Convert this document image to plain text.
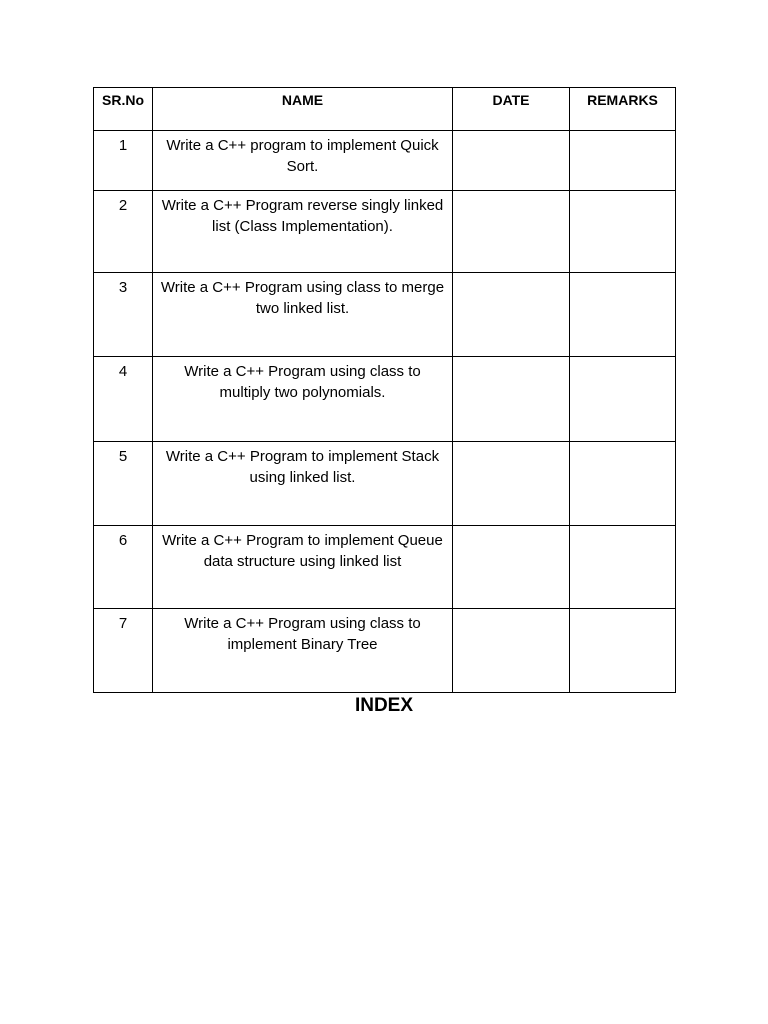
SR.No	NAME	DATE	REMARKS
1	Write a C++ program to implement Quick Sort.		
2	Write a C++ Program reverse singly linked list (Class Implementation).		
3	Write a C++ Program using class to merge two linked list.		
4	Write a C++ Program using class to multiply two polynomials.		
5	Write a C++ Program to implement Stack using linked list.		
6	Write a C++ Program to implement Queue data structure using linked list		
7	Write a C++ Program using class to implement Binary Tree		
INDEX
